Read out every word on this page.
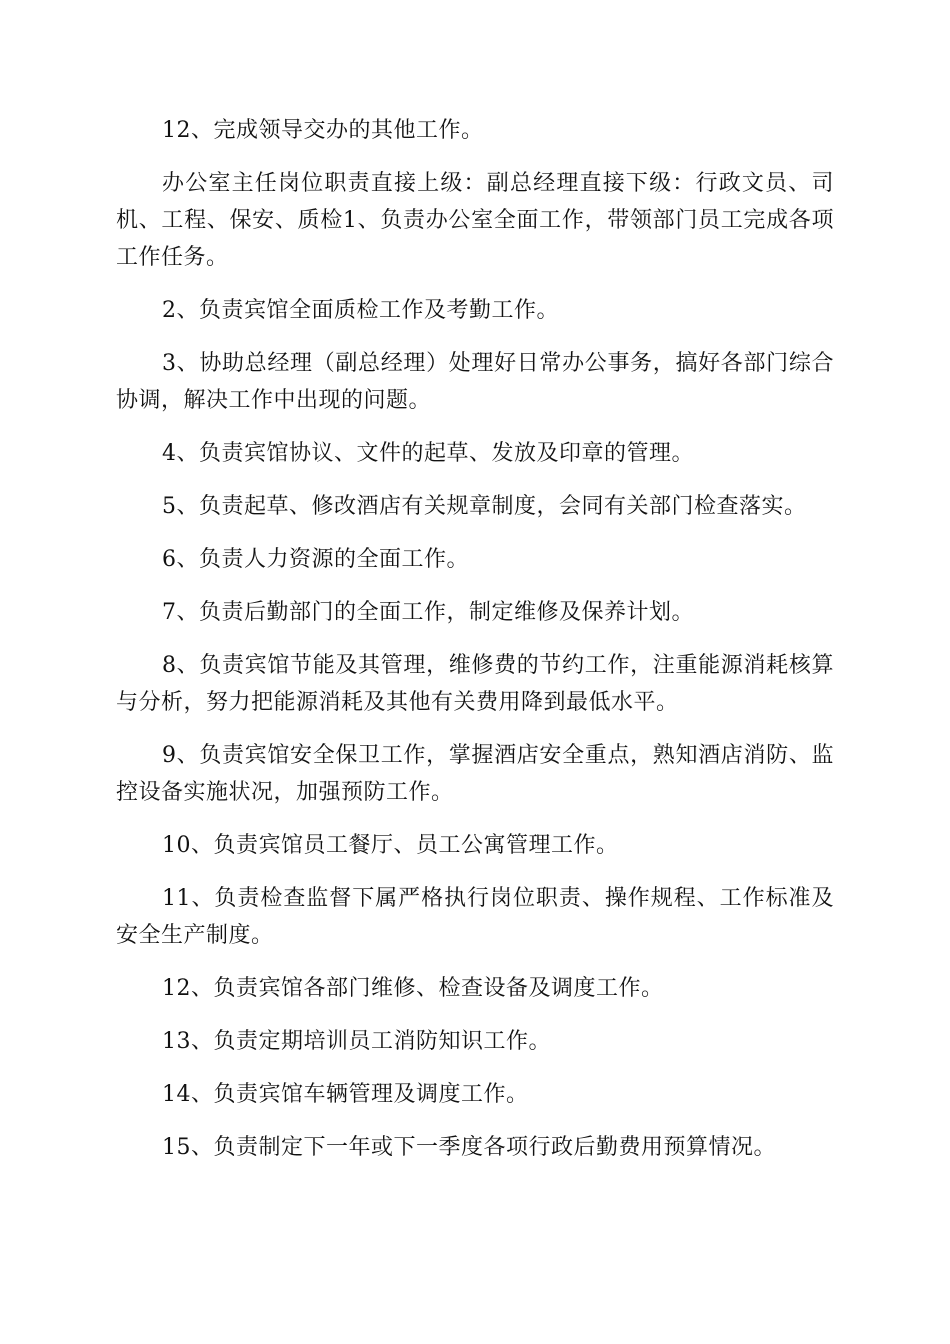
12、完成领导交办的其他工作。

办公室主任岗位职责直接上级：副总经理直接下级：行政文员、司机、工程、保安、质检1、负责办公室全面工作，带领部门员工完成各项工作任务。

2、负责宾馆全面质检工作及考勤工作。

3、协助总经理（副总经理）处理好日常办公事务，搞好各部门综合协调，解决工作中出现的问题。

4、负责宾馆协议、文件的起草、发放及印章的管理。

5、负责起草、修改酒店有关规章制度，会同有关部门检查落实。

6、负责人力资源的全面工作。

7、负责后勤部门的全面工作，制定维修及保养计划。

8、负责宾馆节能及其管理，维修费的节约工作，注重能源消耗核算与分析，努力把能源消耗及其他有关费用降到最低水平。

9、负责宾馆安全保卫工作，掌握酒店安全重点，熟知酒店消防、监控设备实施状况，加强预防工作。

10、负责宾馆员工餐厅、员工公寓管理工作。

11、负责检查监督下属严格执行岗位职责、操作规程、工作标准及安全生产制度。

12、负责宾馆各部门维修、检查设备及调度工作。

13、负责定期培训员工消防知识工作。

14、负责宾馆车辆管理及调度工作。

15、负责制定下一年或下一季度各项行政后勤费用预算情况。
